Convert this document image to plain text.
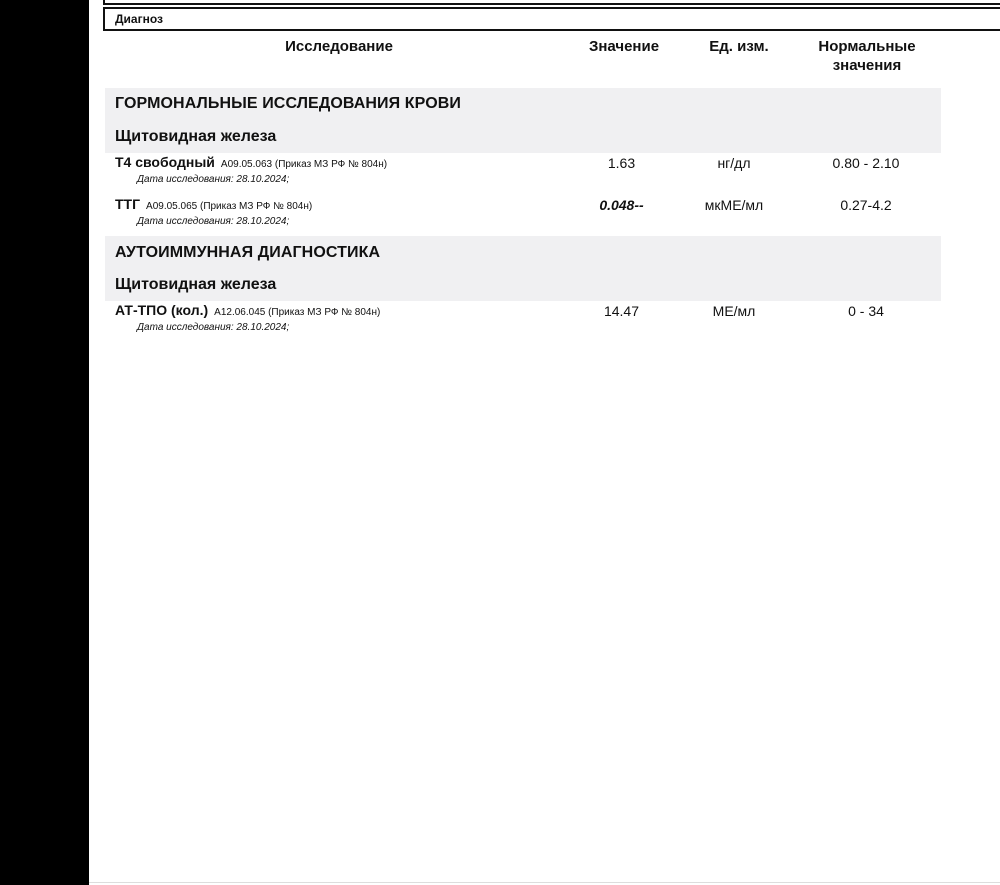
Диагноз
Исследование	Значение	Ед. изм.	Нормальные
значения
ГОРМОНАЛЬНЫЕ ИССЛЕДОВАНИЯ КРОВИ
Щитовидная железа
Т4 свободный A09.05.063 (Приказ МЗ РФ № 804н)
Дата исследования: 28.10.2024;
1.63	нг/дл	0.80 - 2.10
ТТГ A09.05.065 (Приказ МЗ РФ № 804н)
Дата исследования: 28.10.2024;
0.048--	мкМЕ/мл	0.27-4.2
АУТОИММУННАЯ ДИАГНОСТИКА
Щитовидная железа
АТ-ТПО (кол.) A12.06.045 (Приказ МЗ РФ № 804н)
Дата исследования: 28.10.2024;
14.47	МЕ/мл	0 - 34
